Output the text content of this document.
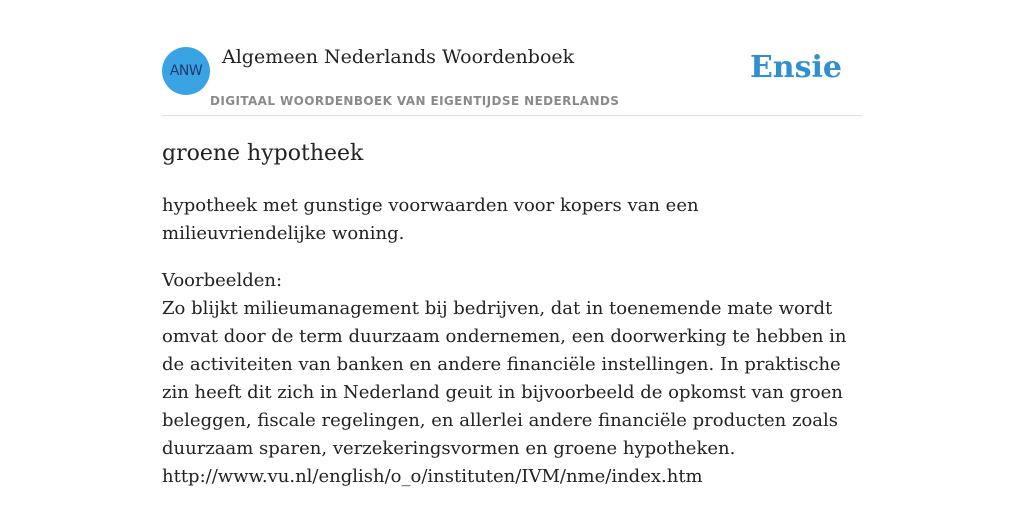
ANW
Algemeen Nederlands Woordenboek
DIGITAAL WOORDENBOEK VAN EIGENTIJDSE NEDERLANDS
Ensie
groene hypotheek

hypotheek met gunstige voorwaarden voor kopers van een milieuvriendelijke woning.

Voorbeelden:
Zo blijkt milieumanagement bij bedrijven, dat in toenemende mate wordt omvat door de term duurzaam ondernemen, een doorwerking te hebben in de activiteiten van banken en andere financiële instellingen. In praktische zin heeft dit zich in Nederland geuit in bijvoorbeeld de opkomst van groen beleggen, fiscale regelingen, en allerlei andere financiële producten zoals duurzaam sparen, verzekeringsvormen en groene hypotheken.
http://www.vu.nl/english/o_o/instituten/IVM/nme/index.htm
